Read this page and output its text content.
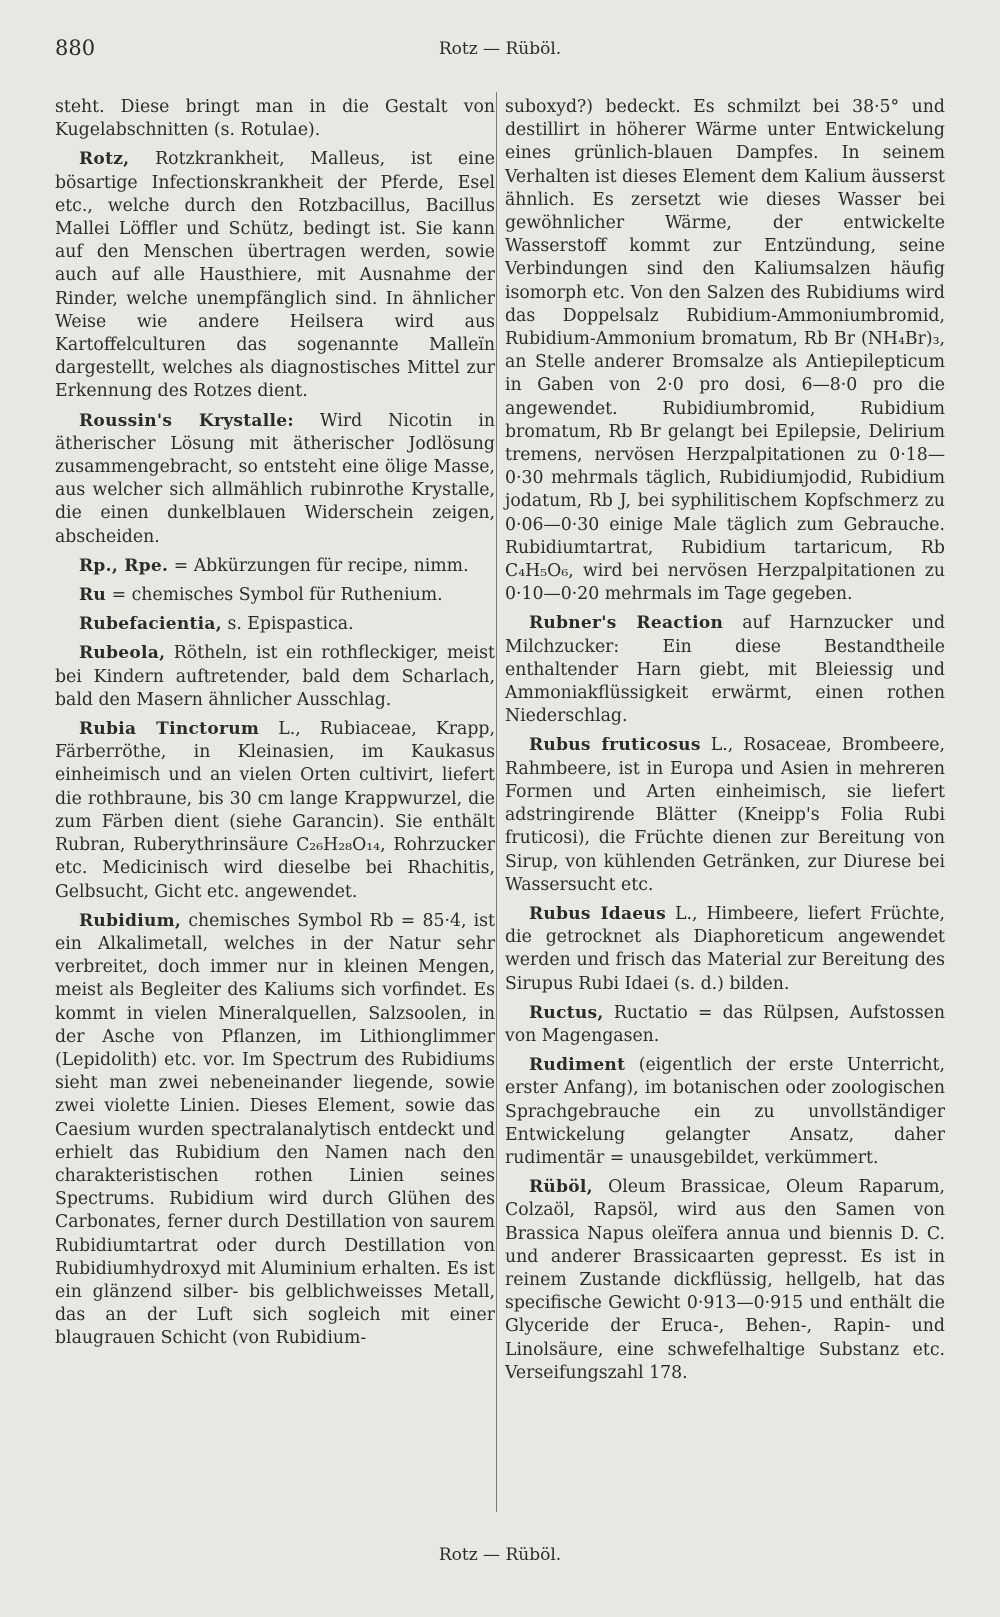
880	Rotz — Rüböl.

steht. Diese bringt man in die Gestalt von Kugelabschnitten (s. Rotulae).

Rotz, Rotzkrankheit, Malleus, ist eine bösartige Infectionskrankheit der Pferde, Esel etc., welche durch den Rotzbacillus, Bacillus Mallei Löffler und Schütz, bedingt ist. Sie kann auf den Menschen übertragen werden, sowie auch auf alle Hausthiere, mit Ausnahme der Rinder, welche unempfänglich sind. In ähnlicher Weise wie andere Heilsera wird aus Kartoffelculturen das sogenannte Malleïn dargestellt, welches als diagnostisches Mittel zur Erkennung des Rotzes dient.

Roussin's Krystalle: Wird Nicotin in ätherischer Lösung mit ätherischer Jodlösung zusammengebracht, so entsteht eine ölige Masse, aus welcher sich allmählich rubinrothe Krystalle, die einen dunkelblauen Widerschein zeigen, abscheiden.

Rp., Rpe. = Abkürzungen für recipe, nimm.

Ru = chemisches Symbol für Ruthenium.

Rubefacientia, s. Epispastica.

Rubeola, Rötheln, ist ein rothfleckiger, meist bei Kindern auftretender, bald dem Scharlach, bald den Masern ähnlicher Ausschlag.

Rubia Tinctorum L., Rubiaceae, Krapp, Färberröthe, in Kleinasien, im Kaukasus einheimisch und an vielen Orten cultivirt, liefert die rothbraune, bis 30 cm lange Krappwurzel, die zum Färben dient (siehe Garancin). Sie enthält Rubran, Ruberythrinsäure C₂₆H₂₈O₁₄, Rohrzucker etc. Medicinisch wird dieselbe bei Rhachitis, Gelbsucht, Gicht etc. angewendet.

Rubidium, chemisches Symbol Rb = 85·4, ist ein Alkalimetall, welches in der Natur sehr verbreitet, doch immer nur in kleinen Mengen, meist als Begleiter des Kaliums sich vorfindet. Es kommt in vielen Mineralquellen, Salzsoolen, in der Asche von Pflanzen, im Lithionglimmer (Lepidolith) etc. vor. Im Spectrum des Rubidiums sieht man zwei nebeneinander liegende, sowie zwei violette Linien. Dieses Element, sowie das Caesium wurden spectralanalytisch entdeckt und erhielt das Rubidium den Namen nach den charakteristischen rothen Linien seines Spectrums. Rubidium wird durch Glühen des Carbonates, ferner durch Destillation von saurem Rubidiumtartrat oder durch Destillation von Rubidiumhydroxyd mit Aluminium erhalten. Es ist ein glänzend silber- bis gelblichweisses Metall, das an der Luft sich sogleich mit einer blaugrauen Schicht (von Rubidium-

suboxyd?) bedeckt. Es schmilzt bei 38·5° und destillirt in höherer Wärme unter Entwickelung eines grünlich-blauen Dampfes. In seinem Verhalten ist dieses Element dem Kalium äusserst ähnlich. Es zersetzt wie dieses Wasser bei gewöhnlicher Wärme, der entwickelte Wasserstoff kommt zur Entzündung, seine Verbindungen sind den Kaliumsalzen häufig isomorph etc. Von den Salzen des Rubidiums wird das Doppelsalz Rubidium-Ammoniumbromid, Rubidium-Ammonium bromatum, Rb Br (NH₄Br)₃, an Stelle anderer Bromsalze als Antiepilepticum in Gaben von 2·0 pro dosi, 6—8·0 pro die angewendet. Rubidiumbromid, Rubidium bromatum, Rb Br gelangt bei Epilepsie, Delirium tremens, nervösen Herzpalpitationen zu 0·18—0·30 mehrmals täglich, Rubidiumjodid, Rubidium jodatum, Rb J, bei syphilitischem Kopfschmerz zu 0·06—0·30 einige Male täglich zum Gebrauche. Rubidiumtartrat, Rubidium tartaricum, Rb C₄H₅O₆, wird bei nervösen Herzpalpitationen zu 0·10—0·20 mehrmals im Tage gegeben.

Rubner's Reaction auf Harnzucker und Milchzucker: Ein diese Bestandtheile enthaltender Harn giebt, mit Bleiessig und Ammoniakflüssigkeit erwärmt, einen rothen Niederschlag.

Rubus fruticosus L., Rosaceae, Brombeere, Rahmbeere, ist in Europa und Asien in mehreren Formen und Arten einheimisch, sie liefert adstringirende Blätter (Kneipp's Folia Rubi fruticosi), die Früchte dienen zur Bereitung von Sirup, von kühlenden Getränken, zur Diurese bei Wassersucht etc.

Rubus Idaeus L., Himbeere, liefert Früchte, die getrocknet als Diaphoreticum angewendet werden und frisch das Material zur Bereitung des Sirupus Rubi Idaei (s. d.) bilden.

Ructus, Ructatio = das Rülpsen, Aufstossen von Magengasen.

Rudiment (eigentlich der erste Unterricht, erster Anfang), im botanischen oder zoologischen Sprachgebrauche ein zu unvollständiger Entwickelung gelangter Ansatz, daher rudimentär = unausgebildet, verkümmert.

Rüböl, Oleum Brassicae, Oleum Raparum, Colzaöl, Rapsöl, wird aus den Samen von Brassica Napus oleïfera annua und biennis D. C. und anderer Brassicaarten gepresst. Es ist in reinem Zustande dickflüssig, hellgelb, hat das specifische Gewicht 0·913—0·915 und enthält die Glyceride der Eruca-, Behen-, Rapin- und Linolsäure, eine schwefelhaltige Substanz etc. Verseifungszahl 178.

Rotz — Rüböl.
